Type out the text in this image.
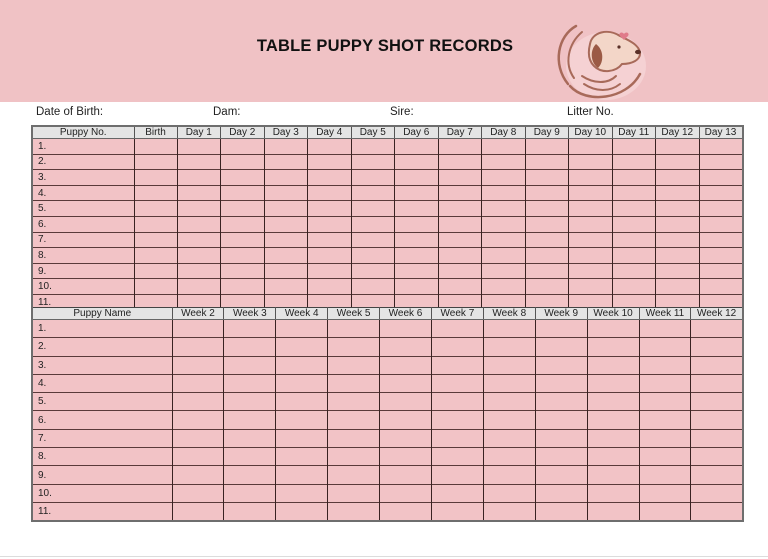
TABLE PUPPY SHOT RECORDS
Date of Birth:	Dam:	Sire:	Litter No.
Puppy No.	Birth	Day 1	Day 2	Day 3	Day 4	Day 5	Day 6	Day 7	Day 8	Day 9	Day 10	Day 11	Day 12	Day 13
1.														
2.														
3.														
4.														
5.														
6.														
7.														
8.														
9.														
10.														
11.														
Puppy Name	Week 2	Week 3	Week 4	Week 5	Week 6	Week 7	Week 8	Week 9	Week 10	Week 11	Week 12
1.											
2.											
3.											
4.											
5.											
6.											
7.											
8.											
9.											
10.											
11.											
